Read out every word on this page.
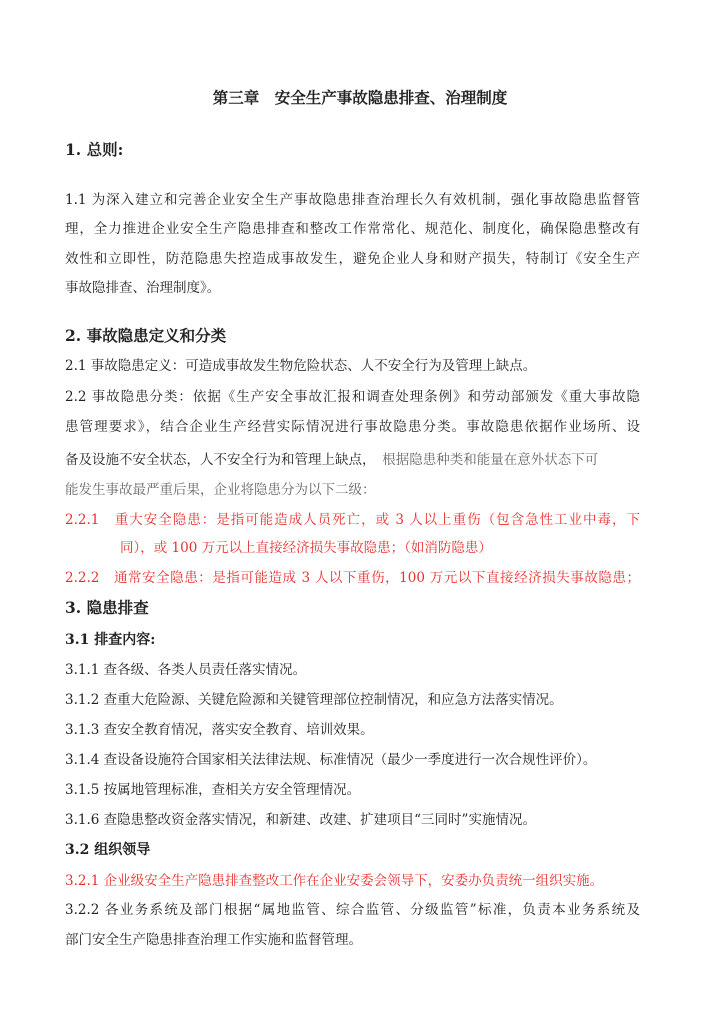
第三章　安全生产事故隐患排查、治理制度
1. 总则:
1.1 为深入建立和完善企业安全生产事故隐患排查治理长久有效机制，强化事故隐患监督管
理，全力推进企业安全生产隐患排查和整改工作常常化、规范化、制度化，确保隐患整改有
效性和立即性，防范隐患失控造成事故发生，避免企业人身和财产损失，特制订《安全生产
事故隐排查、治理制度》。
2. 事故隐患定义和分类
2.1 事故隐患定义：可造成事故发生物危险状态、人不安全行为及管理上缺点。
2.2 事故隐患分类：依据《生产安全事故汇报和调查处理条例》和劳动部颁发《重大事故隐
患管理要求》，结合企业生产经营实际情况进行事故隐患分类。事故隐患依据作业场所、设
备及设施不安全状态，人不安全行为和管理上缺点，　 根据隐患种类和能量在意外状态下可
能发生事故最严重后果，企业将隐患分为以下二级：
2.2.1　重大安全隐患：是指可能造成人员死亡，或 3 人以上重伤（包含急性工业中毒，下
同），或 100 万元以上直接经济损失事故隐患；（如消防隐患）
2.2.2　通常安全隐患：是指可能造成 3 人以下重伤，100 万元以下直接经济损失事故隐患；
3. 隐患排查
3.1 排查内容:
3.1.1 查各级、各类人员责任落实情况。
3.1.2 查重大危险源、关键危险源和关键管理部位控制情况，和应急方法落实情况。
3.1.3 查安全教育情况，落实安全教育、培训效果。
3.1.4 查设备设施符合国家相关法律法规、标准情况（最少一季度进行一次合规性评价）。
3.1.5 按属地管理标准，查相关方安全管理情况。
3.1.6 查隐患整改资金落实情况，和新建、改建、扩建项目“三同时”实施情况。
3.2 组织领导
3.2.1 企业级安全生产隐患排查整改工作在企业安委会领导下，安委办负责统一组织实施。
3.2.2 各业务系统及部门根据“属地监管、综合监管、分级监管”标准，负责本业务系统及
部门安全生产隐患排查治理工作实施和监督管理。
